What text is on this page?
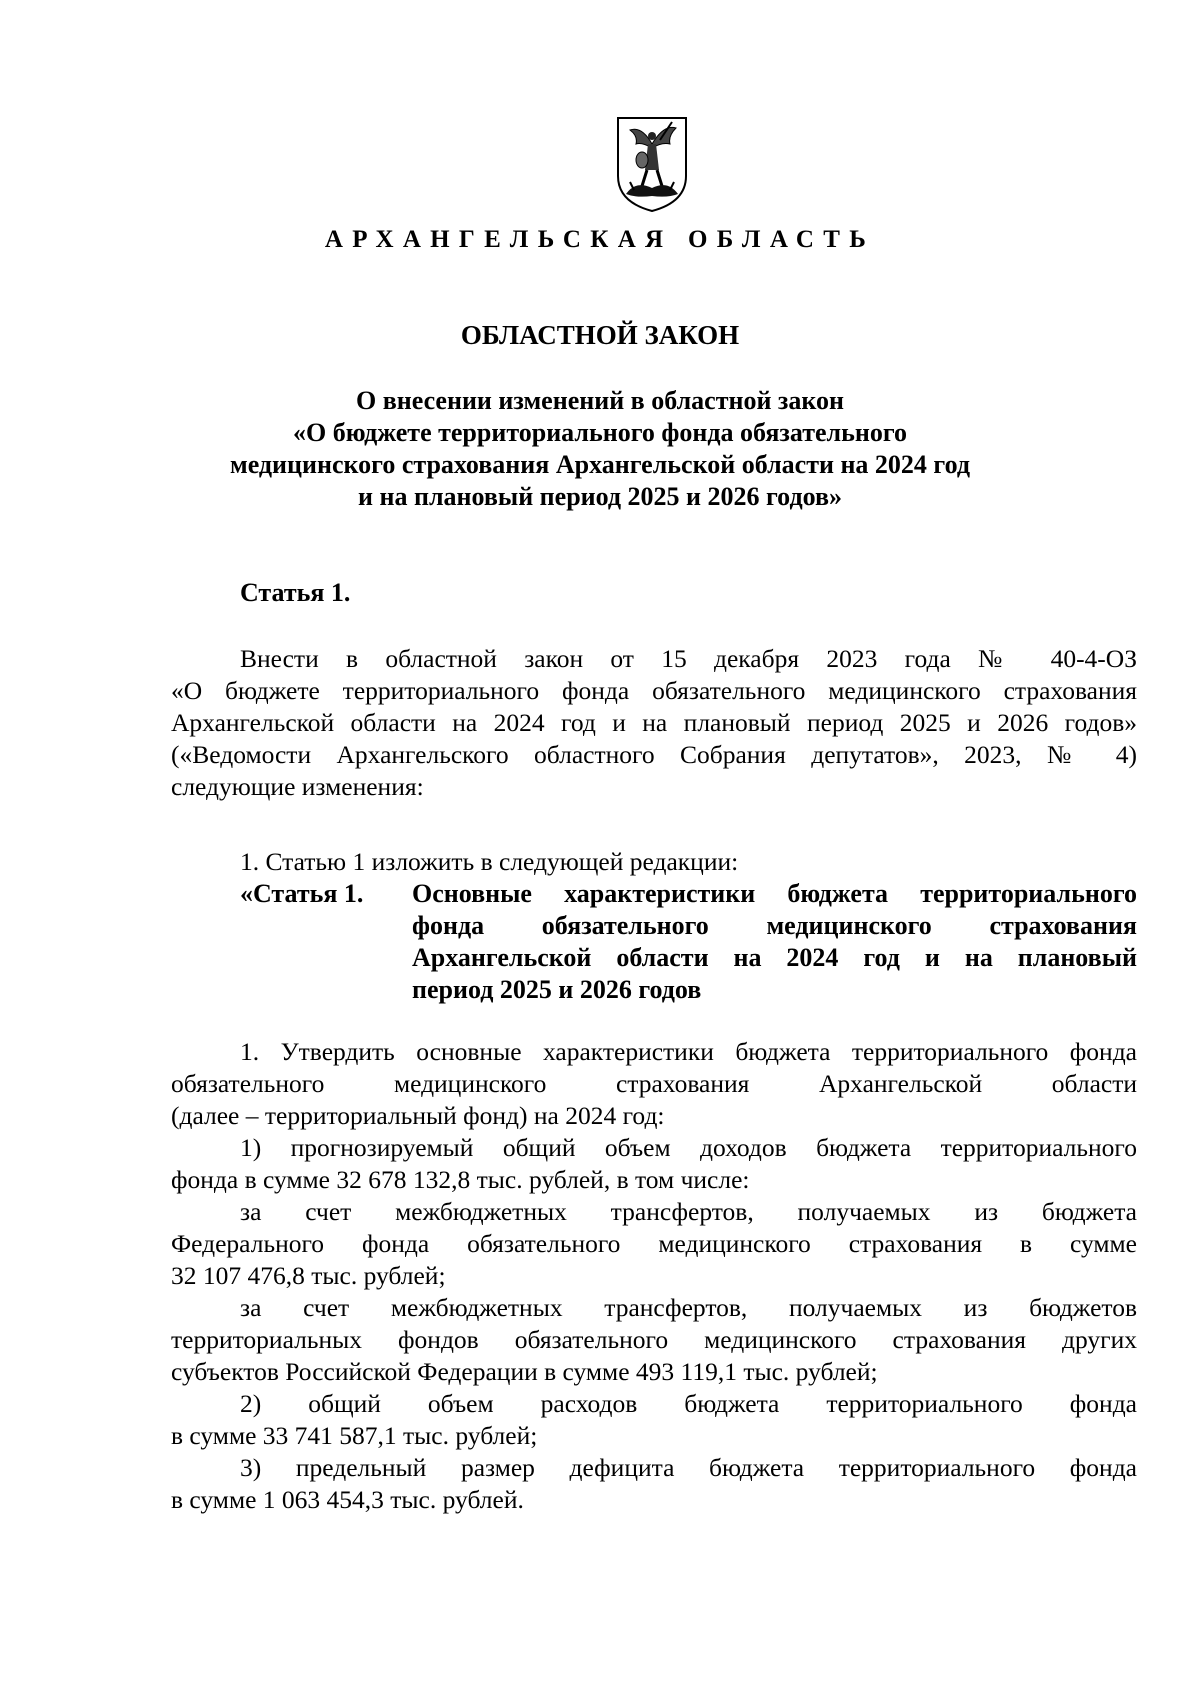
АРХАНГЕЛЬСКАЯ ОБЛАСТЬ
ОБЛАСТНОЙ ЗАКОН
О внесении изменений в областной закон
«О бюджете территориального фонда обязательного
медицинского страхования Архангельской области на 2024 год
и на плановый период 2025 и 2026 годов»
Статья 1.
Внести в областной закон от 15 декабря 2023 года № 40-4-ОЗ
«О бюджете территориального фонда обязательного медицинского страхования
Архангельской области на 2024 год и на плановый период 2025 и 2026 годов»
(«Ведомости Архангельского областного Собрания депутатов», 2023, № 4)
следующие изменения:
1. Статью 1 изложить в следующей редакции:
«Статья 1. Основные характеристики бюджета территориального
фонда обязательного медицинского страхования
Архангельской области на 2024 год и на плановый
период 2025 и 2026 годов
1. Утвердить основные характеристики бюджета территориального фонда
обязательного медицинского страхования Архангельской области
(далее – территориальный фонд) на 2024 год:
1) прогнозируемый общий объем доходов бюджета территориального
фонда в сумме 32 678 132,8 тыс. рублей, в том числе:
за счет межбюджетных трансфертов, получаемых из бюджета
Федерального фонда обязательного медицинского страхования в сумме
32 107 476,8 тыс. рублей;
за счет межбюджетных трансфертов, получаемых из бюджетов
территориальных фондов обязательного медицинского страхования других
субъектов Российской Федерации в сумме 493 119,1 тыс. рублей;
2) общий объем расходов бюджета территориального фонда
в сумме 33 741 587,1 тыс. рублей;
3) предельный размер дефицита бюджета территориального фонда
в сумме 1 063 454,3 тыс. рублей.
